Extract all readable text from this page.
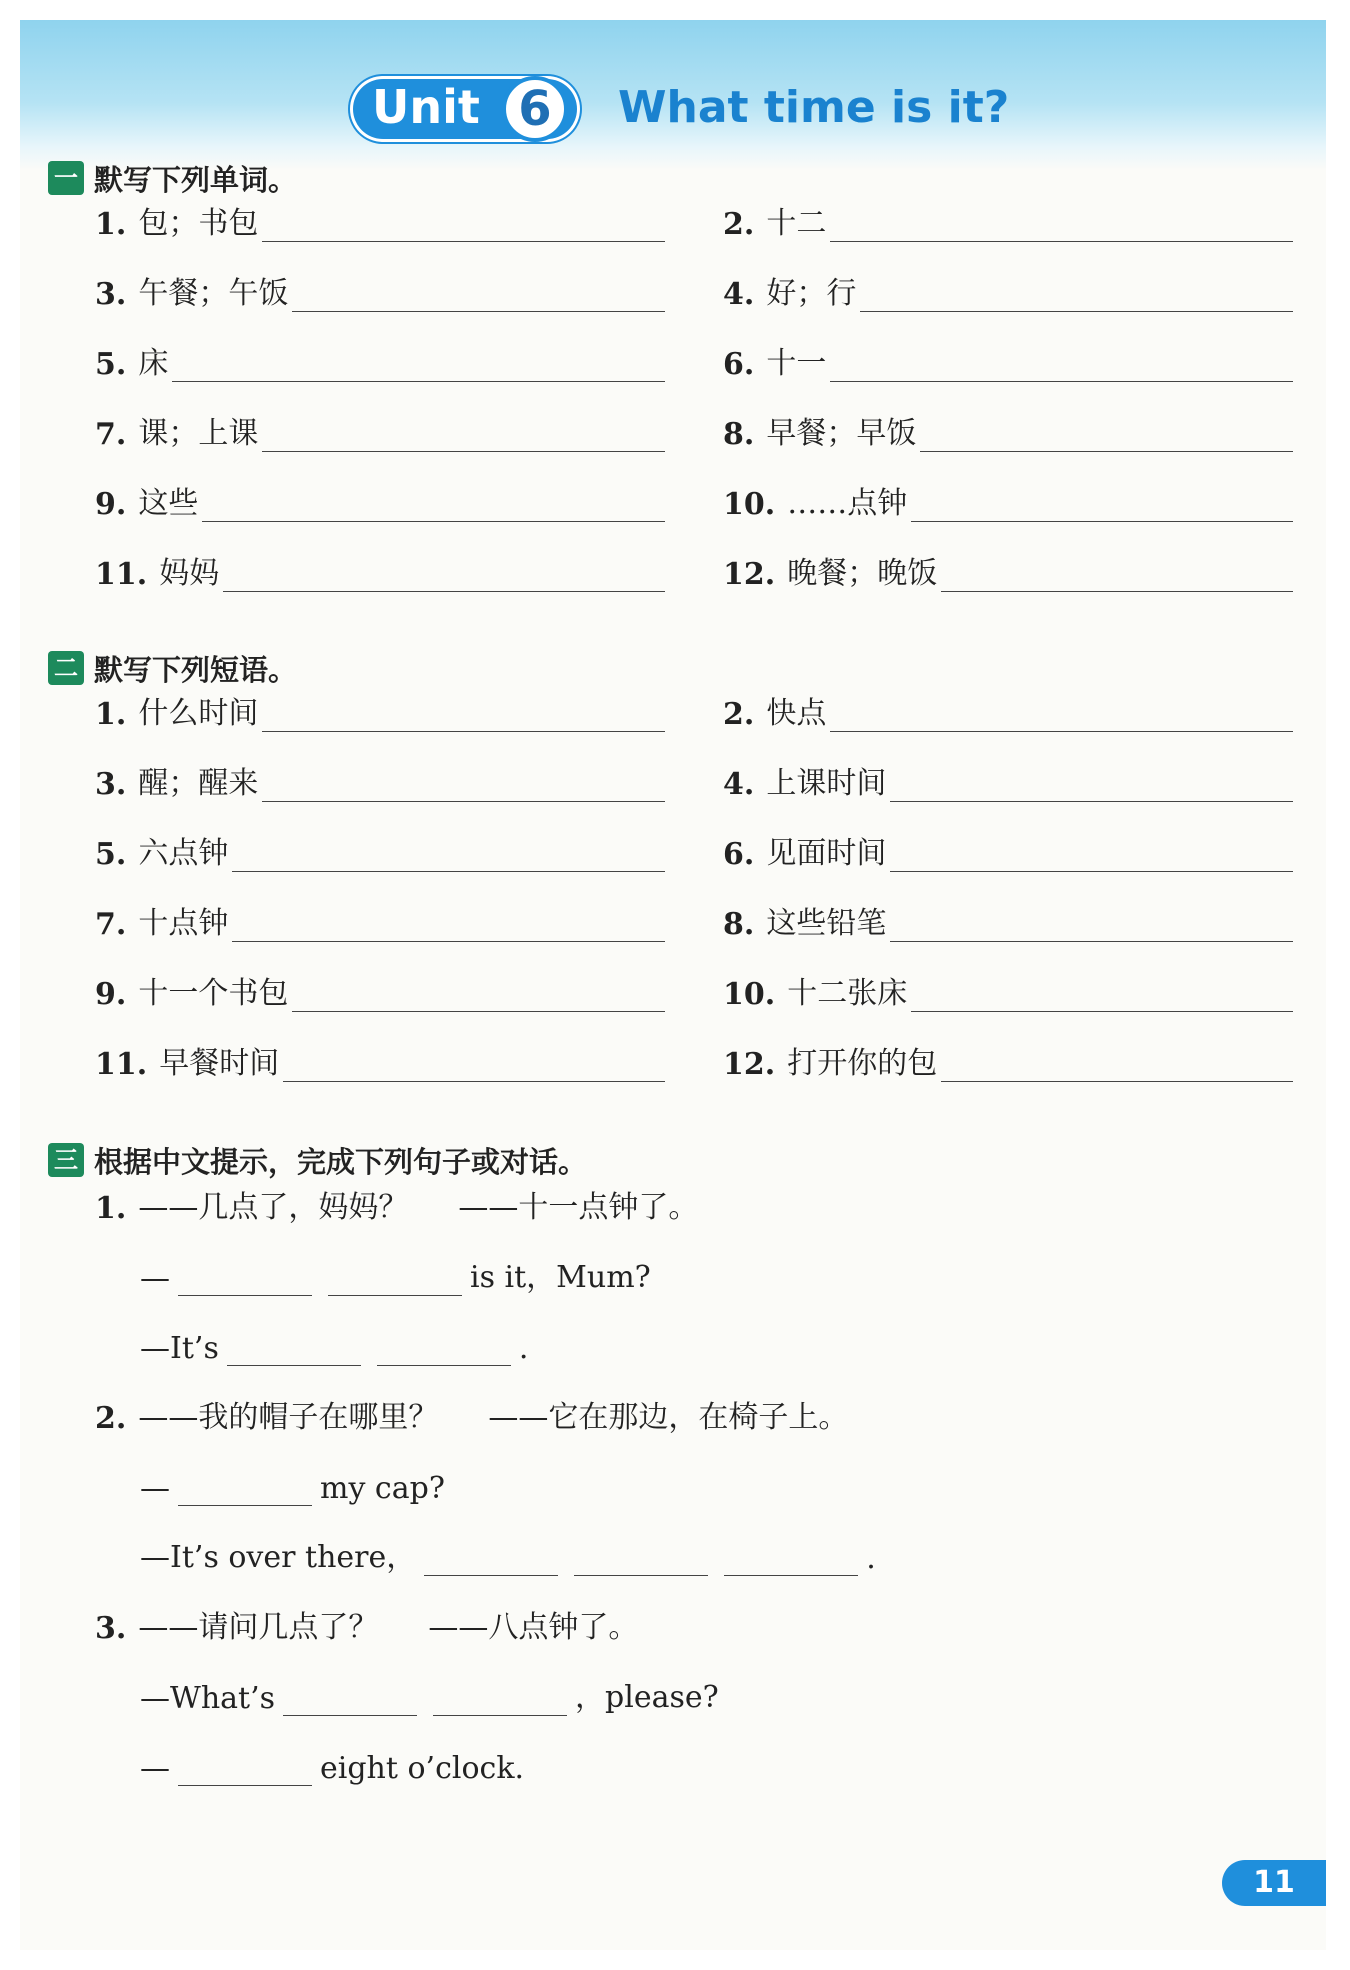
Unit 6	What time is it?
一 默写下列单词。
1. 包；书包	2. 十二
3. 午餐；午饭	4. 好；行
5. 床	6. 十一
7. 课；上课	8. 早餐；早饭
9. 这些	10. ……点钟
11. 妈妈	12. 晚餐；晚饭
二 默写下列短语。
1. 什么时间	2. 快点
3. 醒；醒来	4. 上课时间
5. 六点钟	6. 见面时间
7. 十点钟	8. 这些铅笔
9. 十一个书包	10. 十二张床
11. 早餐时间	12. 打开你的包
三 根据中文提示，完成下列句子或对话。
1. ——几点了，妈妈？ ——十一点钟了。
—	is it，Mum?
—It’s	.
2. ——我的帽子在哪里？ ——它在那边，在椅子上。
—	my cap?
—It’s over there，	.
3. ——请问几点了？ ——八点钟了。
—What’s	，please?
—	eight o’clock.
11
